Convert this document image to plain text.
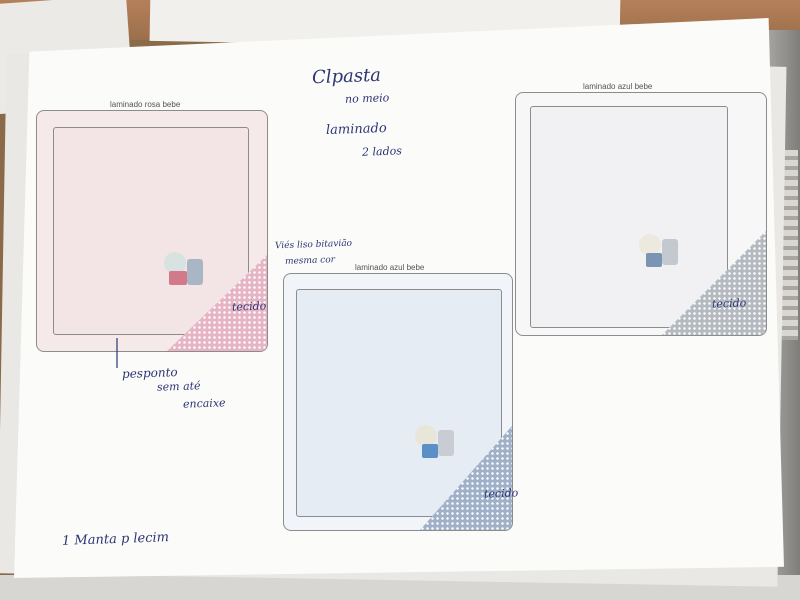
laminado rosa bebe
tecido
laminado azul bebe
tecido
laminado azul bebe
tecido
Clpasta
no meio
laminado
2 lados
Viés liso bitavião
mesma cor
pesponto
sem até
encaixe
1 Manta p lecim
